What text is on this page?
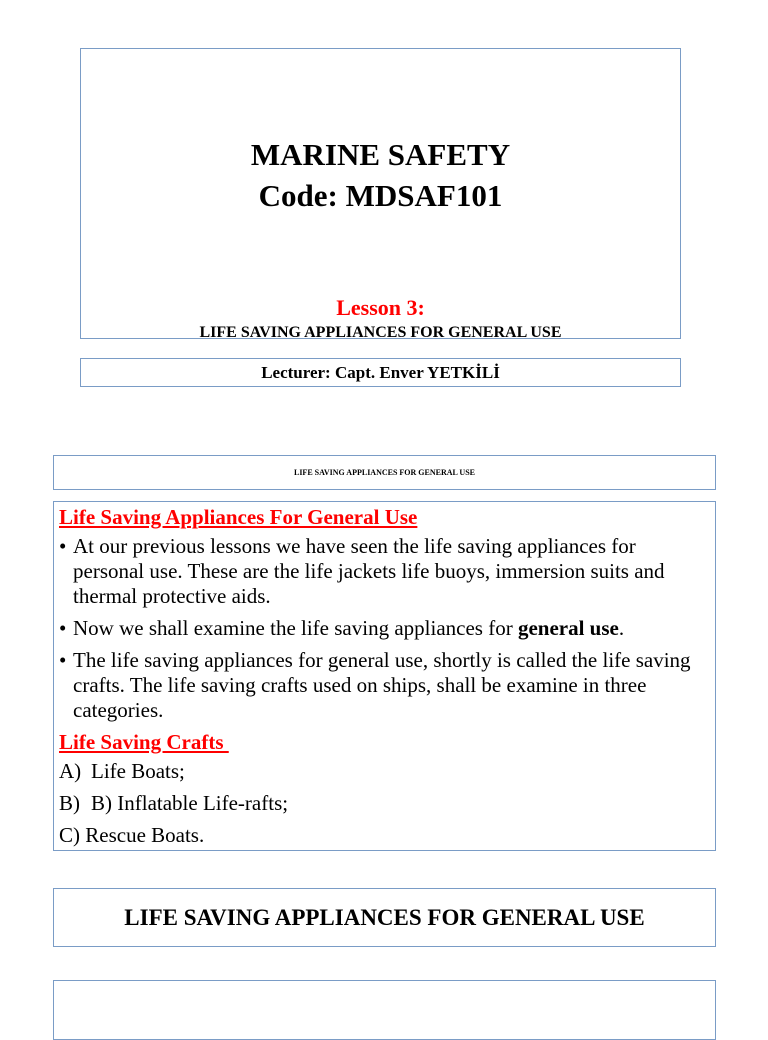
MARINE SAFETY
Code: MDSAF101
Lesson 3:
LIFE SAVING APPLIANCES FOR GENERAL USE
Lecturer: Capt. Enver YETKİLİ
LIFE SAVING APPLIANCES FOR GENERAL USE
Life Saving Appliances For General Use
• At our previous lessons we have seen the life saving appliances for personal use. These are the life jackets life buoys, immersion suits and thermal protective aids.
• Now we shall examine the life saving appliances for general use.
• The life saving appliances for general use, shortly is called the life saving crafts. The life saving crafts used on ships, shall be examine in three categories.
Life Saving Crafts
A) Life Boats;
B) B) Inflatable Life-rafts;
C) Rescue Boats.
LIFE SAVING APPLIANCES FOR GENERAL USE
